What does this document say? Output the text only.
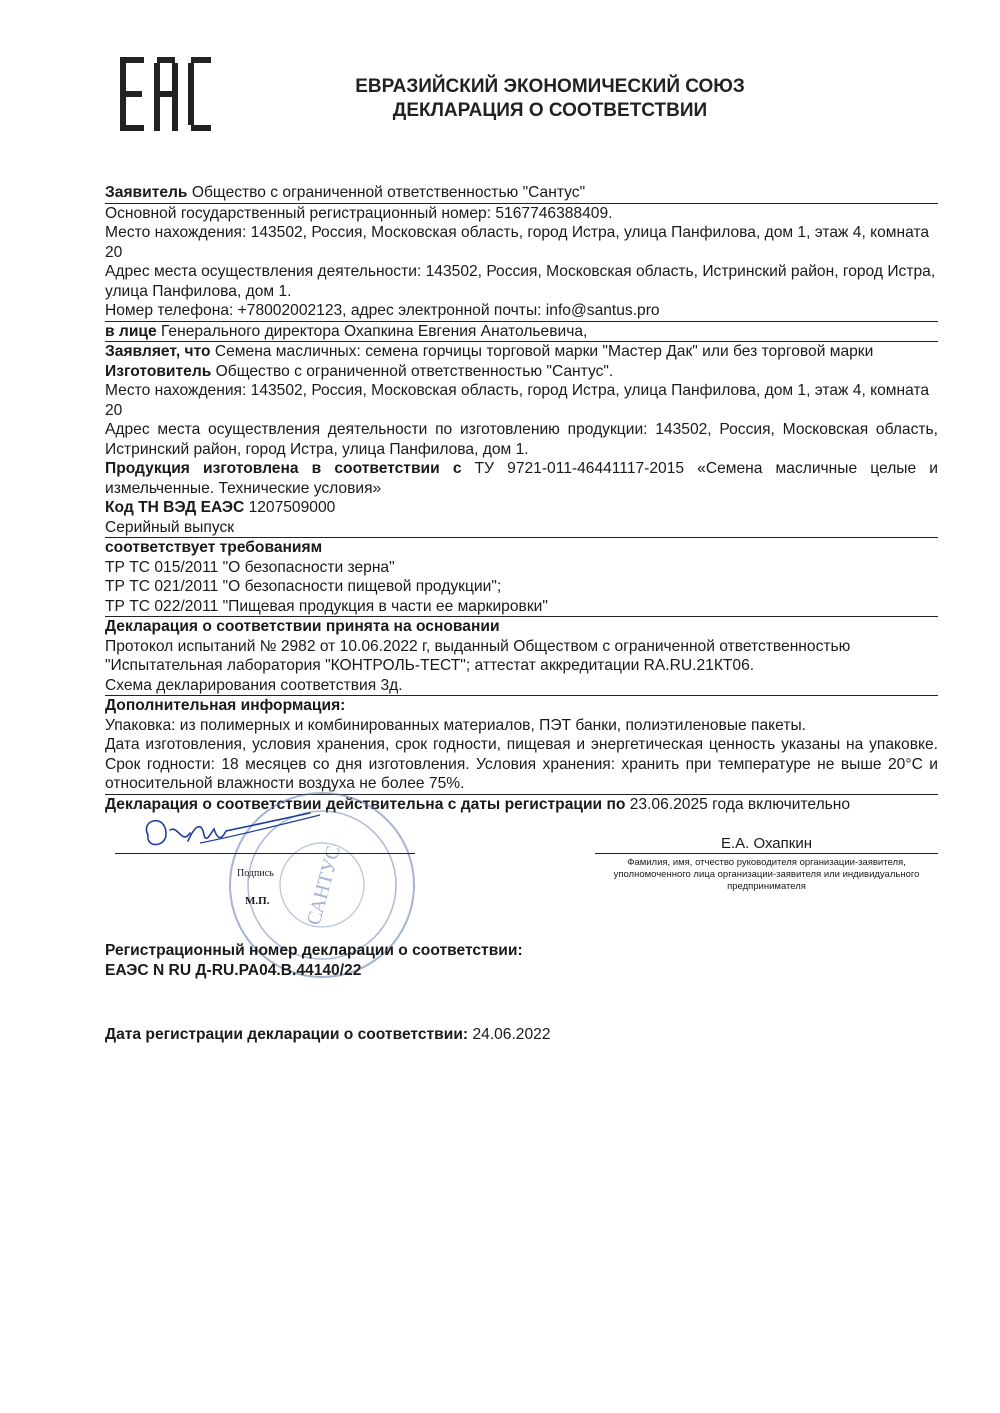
ЕВРАЗИЙСКИЙ ЭКОНОМИЧЕСКИЙ СОЮЗ
ДЕКЛАРАЦИЯ О СООТВЕТСТВИИ
Заявитель Общество с ограниченной ответственностью "Сантус"
Основной государственный регистрационный номер: 5167746388409.
Место нахождения: 143502, Россия, Московская область, город Истра, улица Панфилова, дом 1, этаж 4, комната 20
Адрес места осуществления деятельности: 143502, Россия, Московская область, Истринский район, город Истра, улица Панфилова, дом 1.
Номер телефона: +78002002123, адрес электронной почты: info@santus.pro
в лице Генерального директора Охапкина Евгения Анатольевича,
Заявляет, что Семена масличных: семена горчицы торговой марки "Мастер Дак" или без торговой марки
Изготовитель Общество с ограниченной ответственностью "Сантус".
Место нахождения: 143502, Россия, Московская область, город Истра, улица Панфилова, дом 1, этаж 4, комната 20
Адрес места осуществления деятельности по изготовлению продукции: 143502, Россия, Московская область, Истринский район, город Истра, улица Панфилова, дом 1.
Продукция изготовлена в соответствии с ТУ 9721-011-46441117-2015 «Семена масличные целые и измельченные. Технические условия»
Код ТН ВЭД ЕАЭС 1207509000
Серийный выпуск
соответствует требованиям
ТР ТС 015/2011 "О безопасности зерна"
ТР ТС 021/2011 "О безопасности пищевой продукции";
ТР ТС 022/2011 "Пищевая продукция в части ее маркировки"
Декларация о соответствии принята на основании
Протокол испытаний № 2982 от 10.06.2022 г, выданный Обществом с ограниченной ответственностью "Испытательная лаборатория "КОНТРОЛЬ-ТЕСТ"; аттестат аккредитации RA.RU.21КТ06.
Схема декларирования соответствия 3д.
Дополнительная информация:
Упаковка: из полимерных и комбинированных материалов, ПЭТ банки, полиэтиленовые пакеты.
Дата изготовления, условия хранения, срок годности, пищевая и энергетическая ценность указаны на упаковке. Срок годности: 18 месяцев со дня изготовления. Условия хранения: хранить при температуре не выше 20°С и относительной влажности воздуха не более 75%.
Декларация о соответствии действительна с даты регистрации по 23.06.2025 года включительно
САНТУС
Е.А. Охапкин
Фамилия, имя, отчество руководителя организации-заявителя, уполномоченного лица организации-заявителя или индивидуального предпринимателя
Подпись
М.П.
Регистрационный номер декларации о соответствии:
ЕАЭС N RU Д-RU.PA04.B.44140/22
Дата регистрации декларации о соответствии: 24.06.2022
